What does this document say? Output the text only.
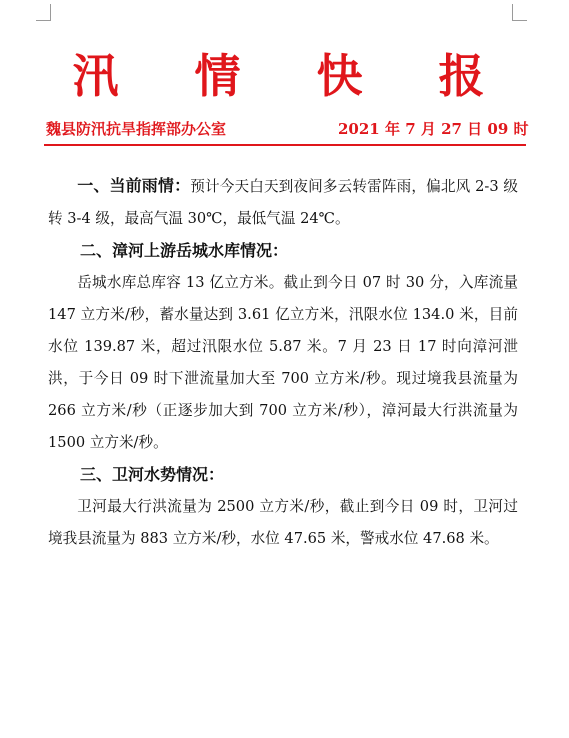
汛 情 快 报
魏县防汛抗旱指挥部办公室	2021 年 7 月 27 日 09 时

一、当前雨情：预计今天白天到夜间多云转雷阵雨，偏北风 2-3 级转 3-4 级，最高气温 30℃，最低气温 24℃。

二、漳河上游岳城水库情况：

岳城水库总库容 13 亿立方米。截止到今日 07 时 30 分，入库流量 147 立方米/秒，蓄水量达到 3.61 亿立方米，汛限水位 134.0 米，目前水位 139.87 米，超过汛限水位 5.87 米。7 月 23 日 17 时向漳河泄洪，于今日 09 时下泄流量加大至 700 立方米/秒。现过境我县流量为 266 立方米/秒（正逐步加大到 700 立方米/秒），漳河最大行洪流量为 1500 立方米/秒。

三、卫河水势情况：

卫河最大行洪流量为 2500 立方米/秒，截止到今日 09 时，卫河过境我县流量为 883 立方米/秒，水位 47.65 米，警戒水位 47.68 米。
